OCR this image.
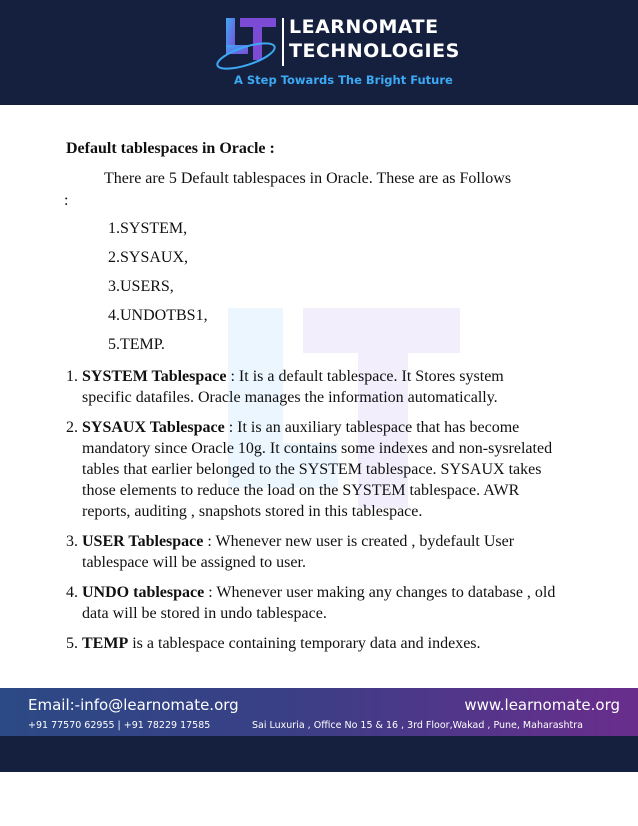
LEARNOMATE
TECHNOLOGIES
A Step Towards The Bright Future
Default tablespaces in Oracle :
There are 5 Default tablespaces in Oracle. These are as Follows
:
1.SYSTEM,
2.SYSAUX,
3.USERS,
4.UNDOTBS1,
5.TEMP.
1. SYSTEM Tablespace : It is a default tablespace. It Stores system specific datafiles. Oracle manages the information automatically.
2. SYSAUX Tablespace : It is an auxiliary tablespace that has become mandatory since Oracle 10g. It contains some indexes and non-sysrelated tables that earlier belonged to the SYSTEM tablespace. SYSAUX takes those elements to reduce the load on the SYSTEM tablespace. AWR reports, auditing , snapshots stored in this tablespace.
3. USER Tablespace : Whenever new user is created , bydefault User tablespace will be assigned to user.
4. UNDO tablespace : Whenever user making any changes to database , old data will be stored in undo tablespace.
5. TEMP is a tablespace containing temporary data and indexes.
Email:-info@learnomate.org	www.learnomate.org
+91 77570 62955 | +91 78229 17585	Sai Luxuria , Office No 15 & 16 , 3rd Floor,Wakad , Pune, Maharashtra
